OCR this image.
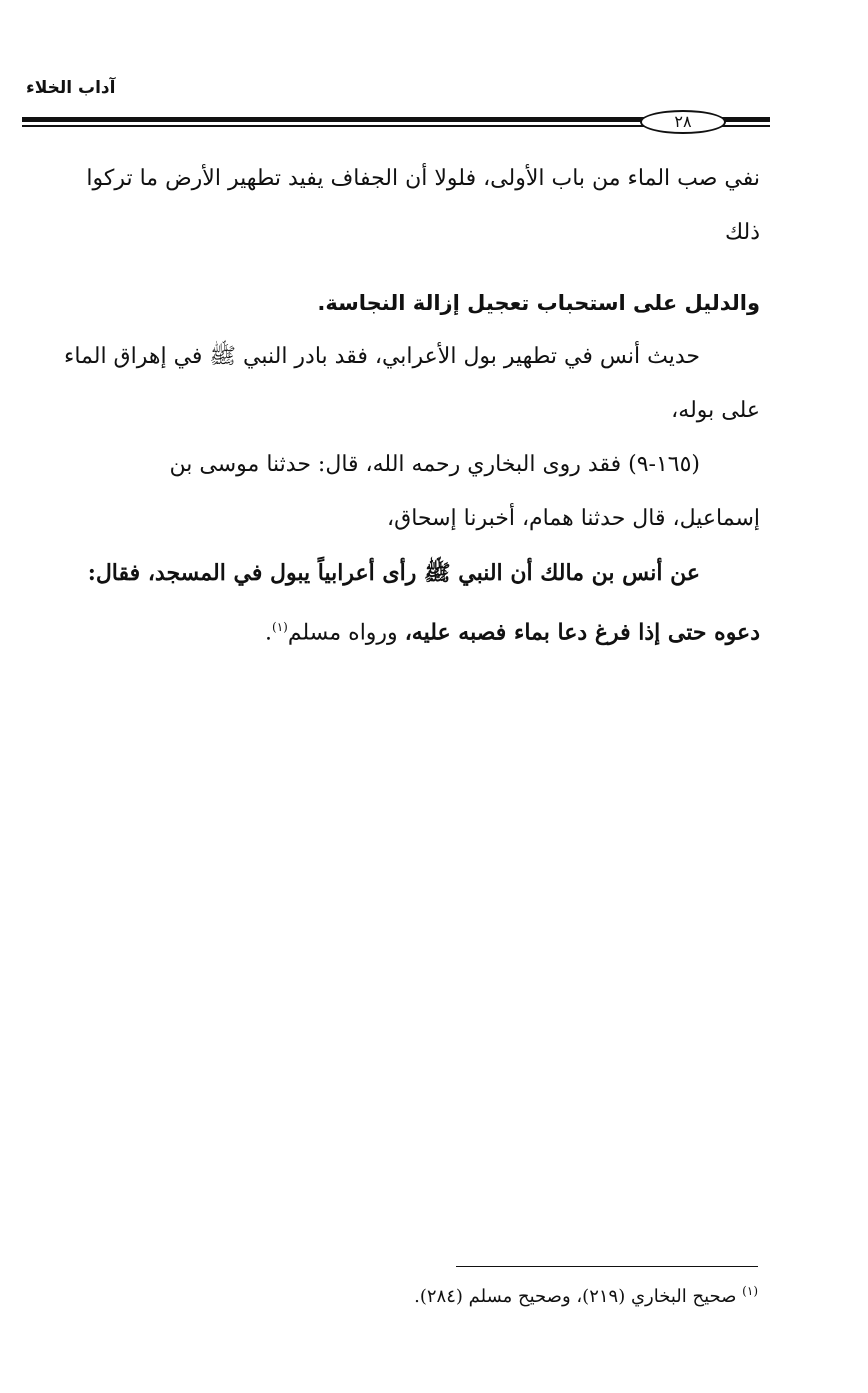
آداب الخلاء
٢٨
نفي صب الماء من باب الأولى، فلولا أن الجفاف يفيد تطهير الأرض ما تركوا
ذلك
والدليل على استحباب تعجيل إزالة النجاسة.
حديث أنس في تطهير بول الأعرابي، فقد بادر النبي ﷺ في إهراق الماء
على بوله،
(١٦٥-٩) فقد روى البخاري رحمه الله، قال: حدثنا موسى بن
إسماعيل، قال حدثنا همام، أخبرنا إسحاق،
عن أنس بن مالك أن النبي ﷺ رأى أعرابياً يبول في المسجد، فقال:
دعوه حتى إذا فرغ دعا بماء فصبه عليه، ورواه مسلم$^{(١)}$.
$^{(١)}$ صحيح البخاري (٢١٩)، وصحيح مسلم (٢٨٤).
